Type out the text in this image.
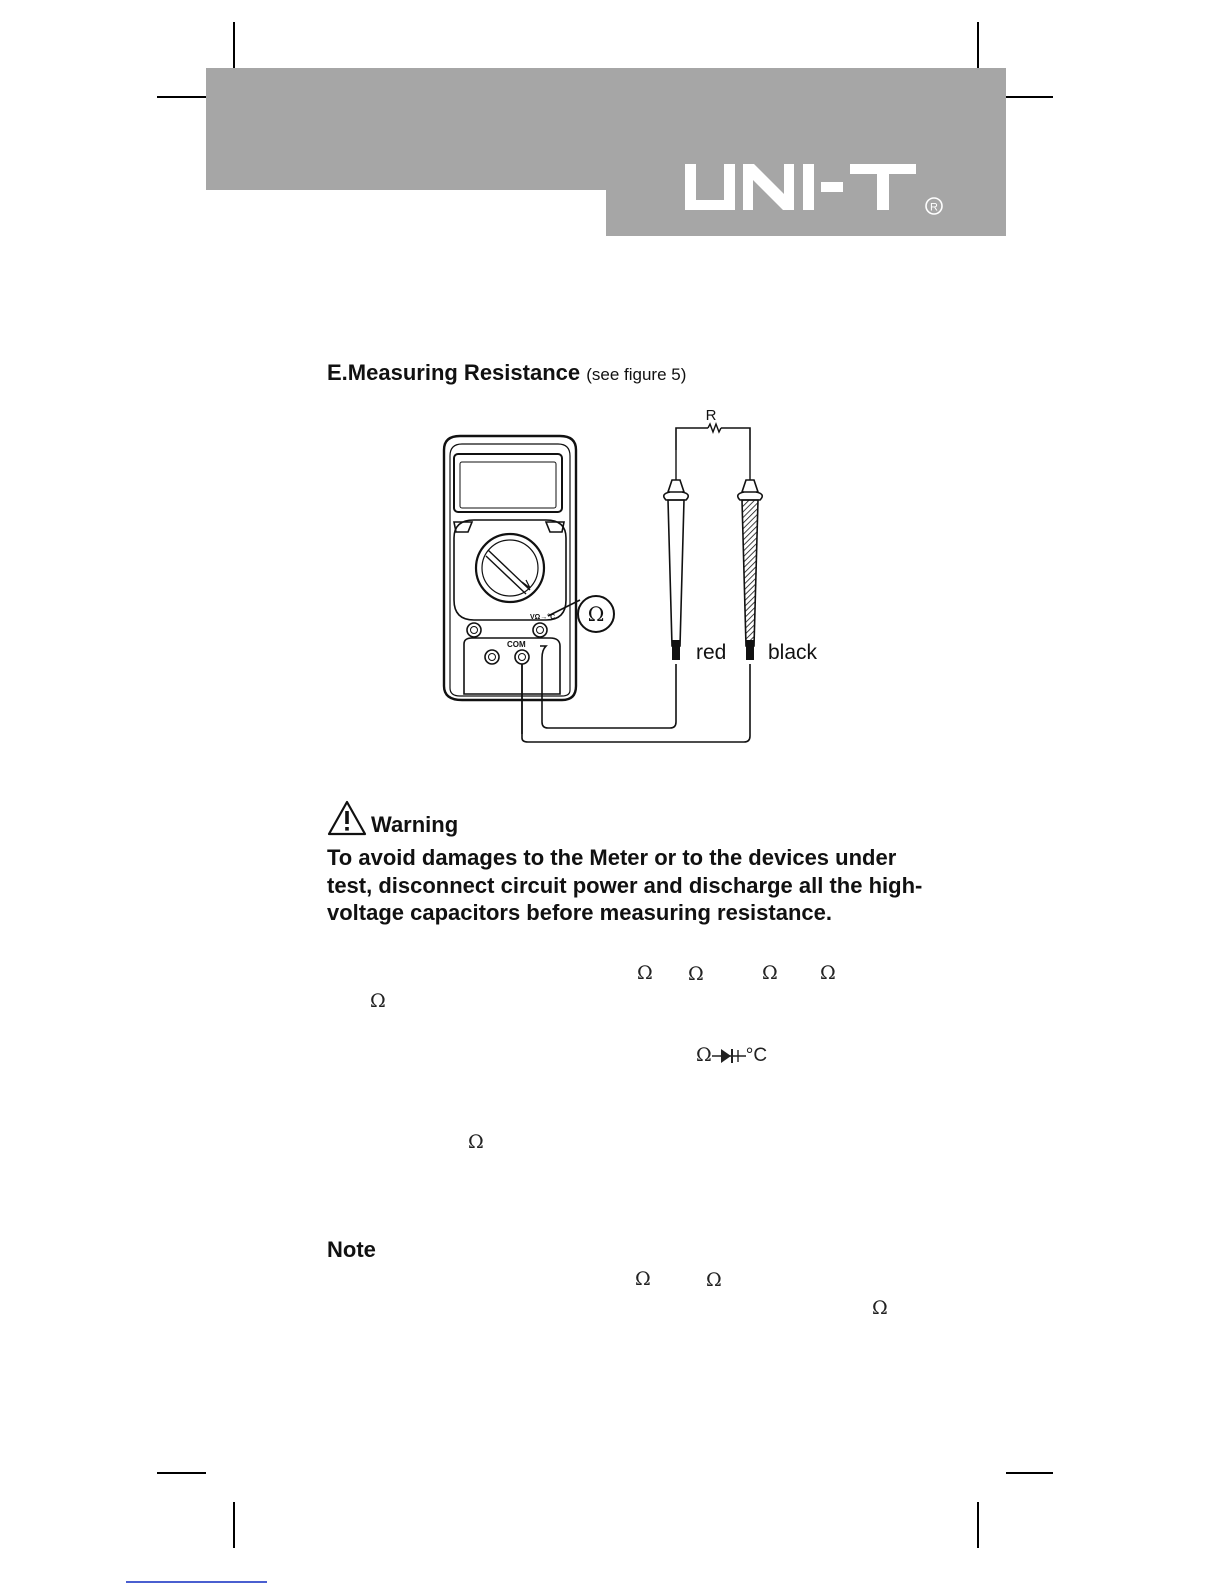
R
E.Measuring Resistance (see figure 5)
R
VΩ→°C
COM
Ω
red black
Warning
To avoid damages to the Meter or to the devices under test, disconnect circuit power and discharge all the high-voltage capacitors before measuring resistance.
Ω Ω	Ω Ω
Ω
Ω °C
Ω
Note
Ω	Ω
Ω
